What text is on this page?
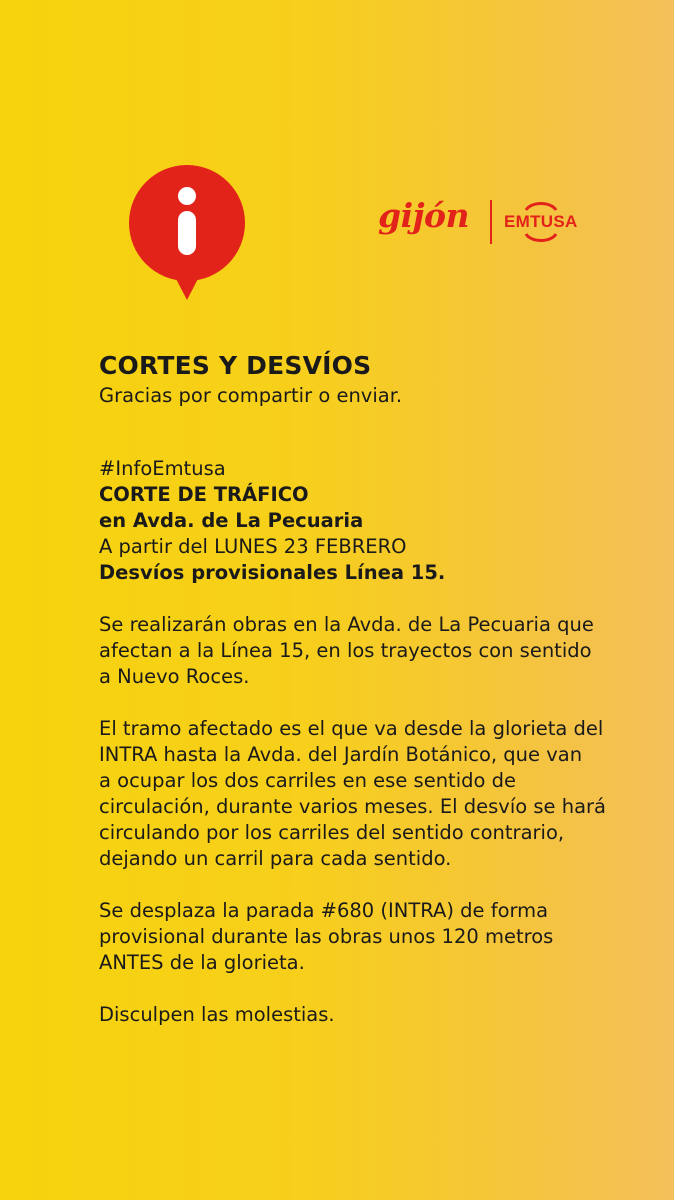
gijón EMTUSA

CORTES Y DESVÍOS

Gracias por compartir o enviar.

#InfoEmtusa

CORTE DE TRÁFICO

en Avda. de La Pecuaria

A partir del LUNES 23 FEBRERO

Desvíos provisionales Línea 15.

Se realizarán obras en la Avda. de La Pecuaria que

afectan a la Línea 15, en los trayectos con sentido

a Nuevo Roces.

El tramo afectado es el que va desde la glorieta del

INTRA hasta la Avda. del Jardín Botánico, que van

a ocupar los dos carriles en ese sentido de

circulación, durante varios meses. El desvío se hará

circulando por los carriles del sentido contrario,

dejando un carril para cada sentido.

Se desplaza la parada #680 (INTRA) de forma

provisional durante las obras unos 120 metros

ANTES de la glorieta.

Disculpen las molestias.
